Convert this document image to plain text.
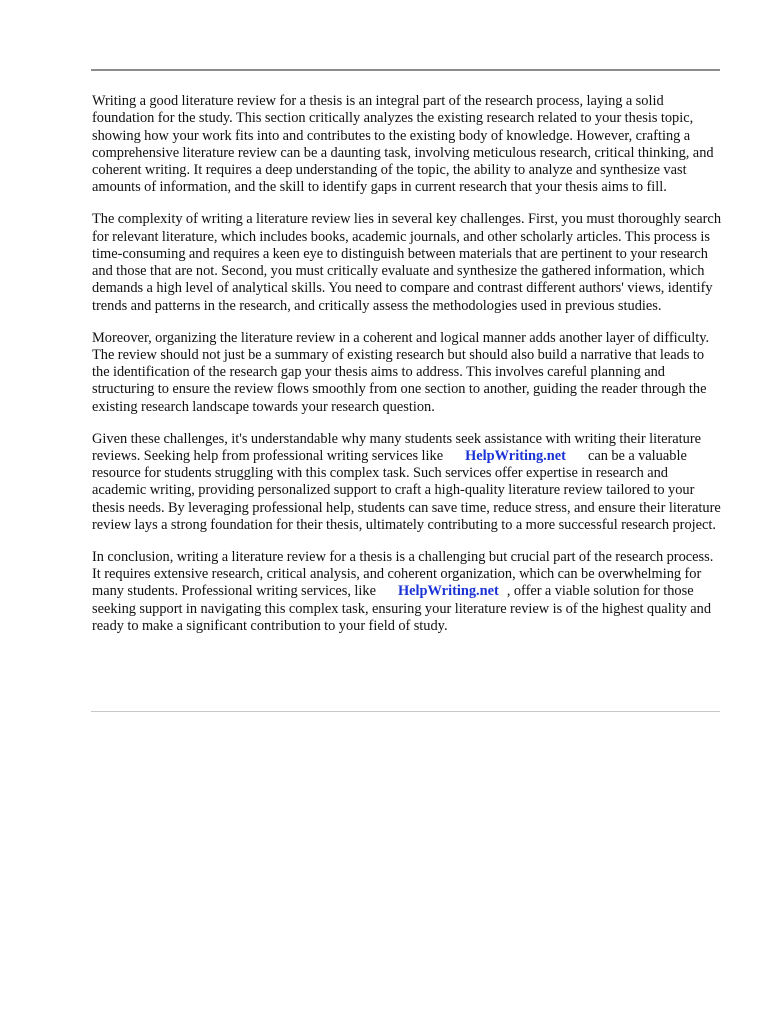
Writing a good literature review for a thesis is an integral part of the research process, laying a solid foundation for the study. This section critically analyzes the existing research related to your thesis topic, showing how your work fits into and contributes to the existing body of knowledge. However, crafting a comprehensive literature review can be a daunting task, involving meticulous research, critical thinking, and coherent writing. It requires a deep understanding of the topic, the ability to analyze and synthesize vast amounts of information, and the skill to identify gaps in current research that your thesis aims to fill.

The complexity of writing a literature review lies in several key challenges. First, you must thoroughly search for relevant literature, which includes books, academic journals, and other scholarly articles. This process is time-consuming and requires a keen eye to distinguish between materials that are pertinent to your research and those that are not. Second, you must critically evaluate and synthesize the gathered information, which demands a high level of analytical skills. You need to compare and contrast different authors' views, identify trends and patterns in the research, and critically assess the methodologies used in previous studies.

Moreover, organizing the literature review in a coherent and logical manner adds another layer of difficulty. The review should not just be a summary of existing research but should also build a narrative that leads to the identification of the research gap your thesis aims to address. This involves careful planning and structuring to ensure the review flows smoothly from one section to another, guiding the reader through the existing research landscape towards your research question.

Given these challenges, it's understandable why many students seek assistance with writing their literature reviews. Seeking help from professional writing services like HelpWriting.net can be a valuable resource for students struggling with this complex task. Such services offer expertise in research and academic writing, providing personalized support to craft a high-quality literature review tailored to your thesis needs. By leveraging professional help, students can save time, reduce stress, and ensure their literature review lays a strong foundation for their thesis, ultimately contributing to a more successful research project.

In conclusion, writing a literature review for a thesis is a challenging but crucial part of the research process. It requires extensive research, critical analysis, and coherent organization, which can be overwhelming for many students. Professional writing services, like HelpWriting.net , offer a viable solution for those seeking support in navigating this complex task, ensuring your literature review is of the highest quality and ready to make a significant contribution to your field of study.
